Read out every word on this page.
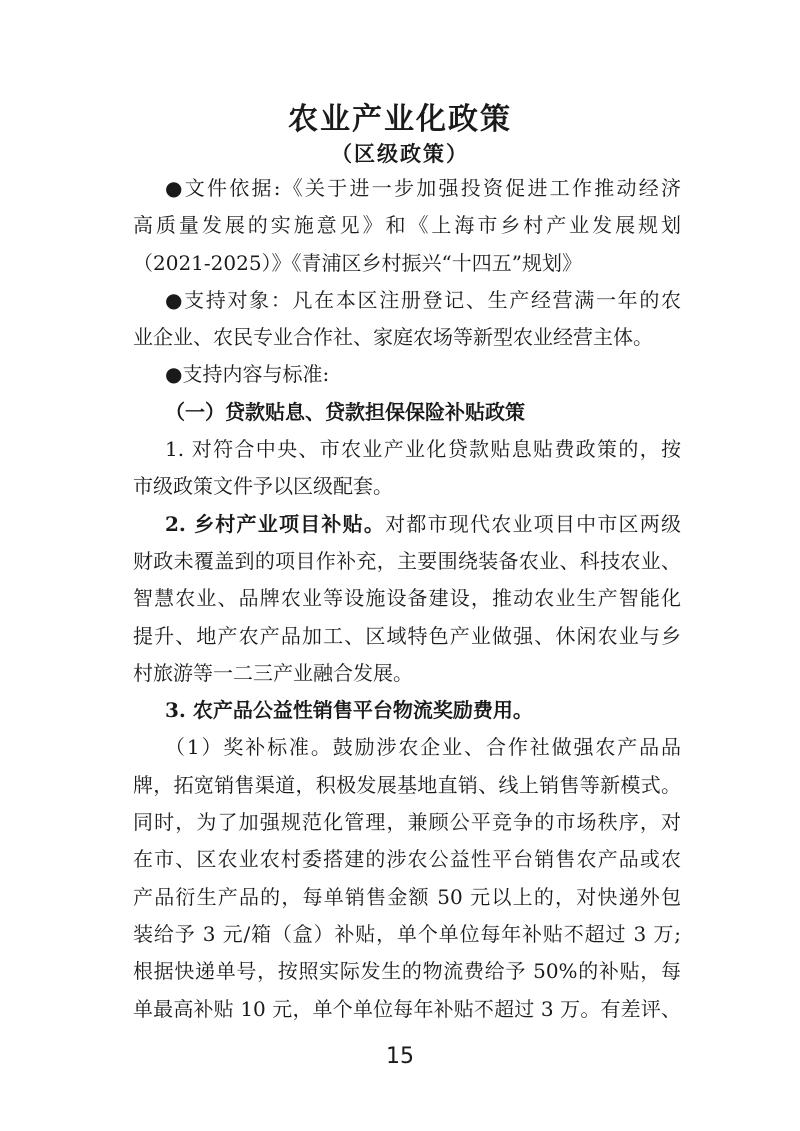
农业产业化政策
（区级政策）
●文件依据:《关于进一步加强投资促进工作推动经济
高质量发展的实施意见》和《上海市乡村产业发展规划
（2021-2025）》《青浦区乡村振兴“十四五”规划》
●支持对象：凡在本区注册登记、生产经营满一年的农
业企业、农民专业合作社、家庭农场等新型农业经营主体。
●支持内容与标准:
（一）贷款贴息、贷款担保保险补贴政策
1. 对符合中央、市农业产业化贷款贴息贴费政策的，按
市级政策文件予以区级配套。
2. 乡村产业项目补贴。对都市现代农业项目中市区两级
财政未覆盖到的项目作补充，主要围绕装备农业、科技农业、
智慧农业、品牌农业等设施设备建设，推动农业生产智能化
提升、地产农产品加工、区域特色产业做强、休闲农业与乡
村旅游等一二三产业融合发展。
3. 农产品公益性销售平台物流奖励费用。
（1）奖补标准。鼓励涉农企业、合作社做强农产品品
牌，拓宽销售渠道，积极发展基地直销、线上销售等新模式。
同时，为了加强规范化管理，兼顾公平竞争的市场秩序，对
在市、区农业农村委搭建的涉农公益性平台销售农产品或农
产品衍生产品的，每单销售金额 50 元以上的，对快递外包
装给予 3 元/箱（盒）补贴，单个单位每年补贴不超过 3 万;
根据快递单号，按照实际发生的物流费给予 50%的补贴，每
单最高补贴 10 元，单个单位每年补贴不超过 3 万。有差评、
15
